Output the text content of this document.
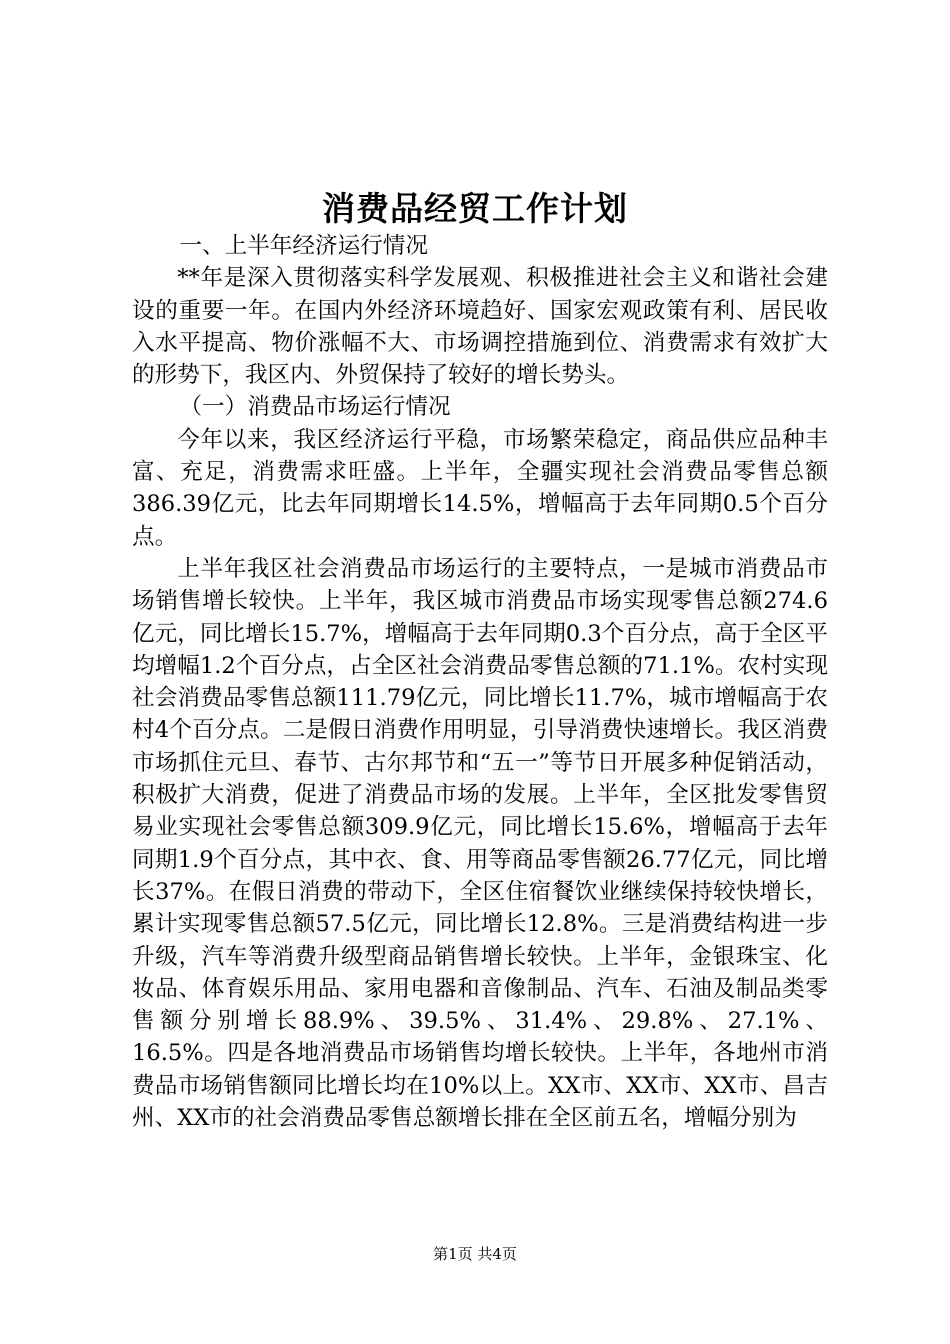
消费品经贸工作计划

一、上半年经济运行情况

**年是深入贯彻落实科学发展观、积极推进社会主义和谐社会建设的重要一年。在国内外经济环境趋好、国家宏观政策有利、居民收入水平提高、物价涨幅不大、市场调控措施到位、消费需求有效扩大的形势下，我区内、外贸保持了较好的增长势头。

（一）消费品市场运行情况

今年以来，我区经济运行平稳，市场繁荣稳定，商品供应品种丰富、充足，消费需求旺盛。上半年，全疆实现社会消费品零售总额386.39亿元，比去年同期增长14.5%，增幅高于去年同期0.5个百分点。

上半年我区社会消费品市场运行的主要特点，一是城市消费品市场销售增长较快。上半年，我区城市消费品市场实现零售总额274.6亿元，同比增长15.7%，增幅高于去年同期0.3个百分点，高于全区平均增幅1.2个百分点，占全区社会消费品零售总额的71.1%。农村实现社会消费品零售总额111.79亿元，同比增长11.7%，城市增幅高于农村4个百分点。二是假日消费作用明显，引导消费快速增长。我区消费市场抓住元旦、春节、古尔邦节和“五一”等节日开展多种促销活动，积极扩大消费，促进了消费品市场的发展。上半年，全区批发零售贸易业实现社会零售总额309.9亿元，同比增长15.6%，增幅高于去年同期1.9个百分点，其中衣、食、用等商品零售额26.77亿元，同比增长37%。在假日消费的带动下，全区住宿餐饮业继续保持较快增长，累计实现零售总额57.5亿元，同比增长12.8%。三是消费结构进一步升级，汽车等消费升级型商品销售增长较快。上半年，金银珠宝、化妆品、体育娱乐用品、家用电器和音像制品、汽车、石油及制品类零售额分别增长88.9%、39.5%、31.4%、29.8%、27.1%、16.5%。四是各地消费品市场销售均增长较快。上半年，各地州市消费品市场销售额同比增长均在10%以上。XX市、XX市、XX市、昌吉州、XX市的社会消费品零售总额增长排在全区前五名，增幅分别为

第1页 共4页
